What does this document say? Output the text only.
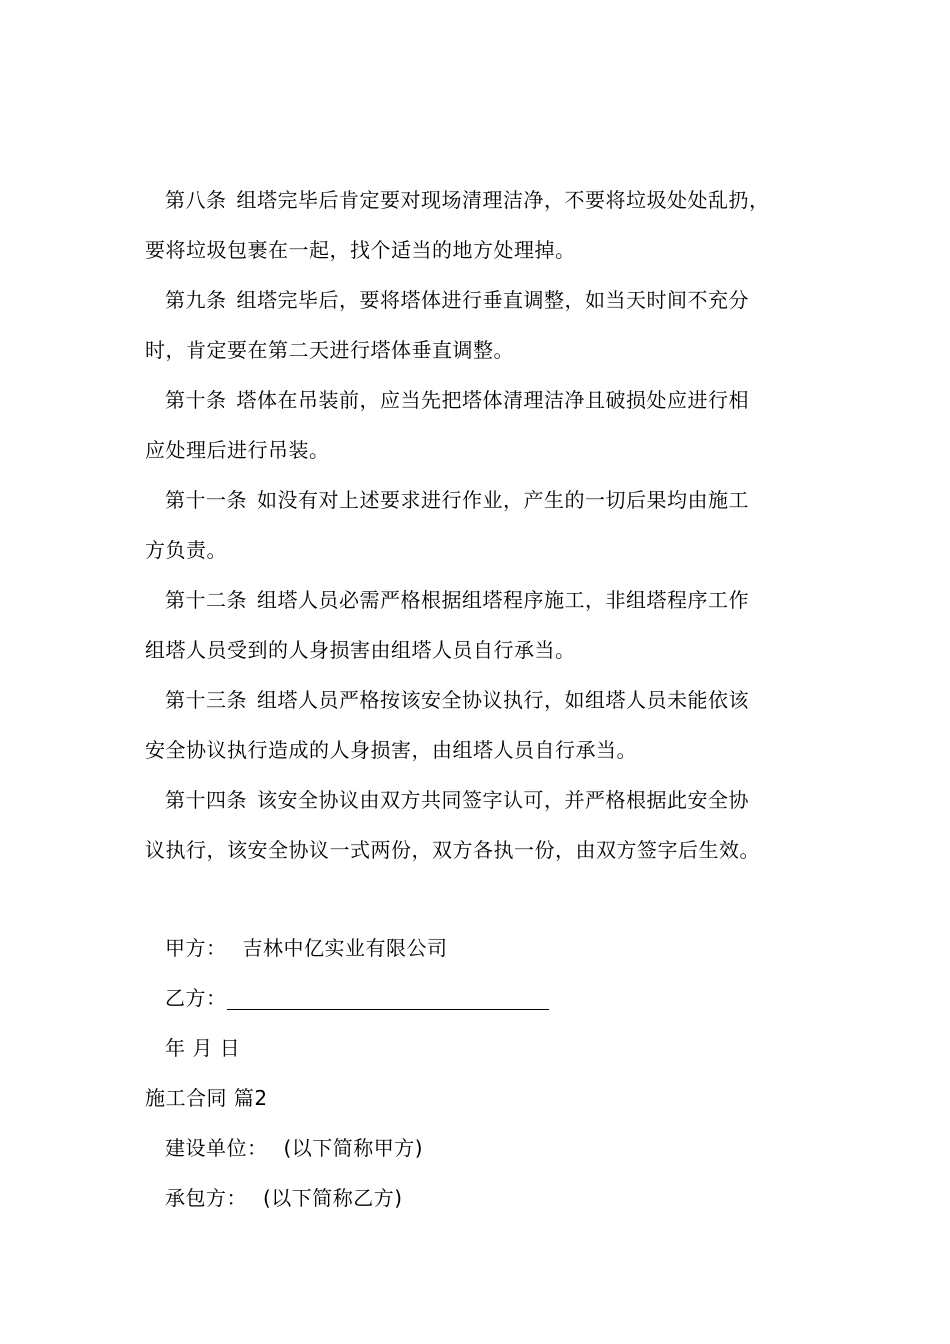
第八条 组塔完毕后肯定要对现场清理洁净，不要将垃圾处处乱扔，
要将垃圾包裹在一起，找个适当的地方处理掉。
第九条 组塔完毕后，要将塔体进行垂直调整，如当天时间不充分
时，肯定要在第二天进行塔体垂直调整。
第十条 塔体在吊装前，应当先把塔体清理洁净且破损处应进行相
应处理后进行吊装。
第十一条 如没有对上述要求进行作业，产生的一切后果均由施工
方负责。
第十二条 组塔人员必需严格根据组塔程序施工，非组塔程序工作
组塔人员受到的人身损害由组塔人员自行承当。
第十三条 组塔人员严格按该安全协议执行，如组塔人员未能依该
安全协议执行造成的人身损害，由组塔人员自行承当。
第十四条 该安全协议由双方共同签字认可，并严格根据此安全协
议执行，该安全协议一式两份，双方各执一份，由双方签字后生效。
甲方： 吉林中亿实业有限公司
乙方：
年 月 日
施工合同 篇2
建设单位： (以下简称甲方)
承包方： (以下简称乙方)
